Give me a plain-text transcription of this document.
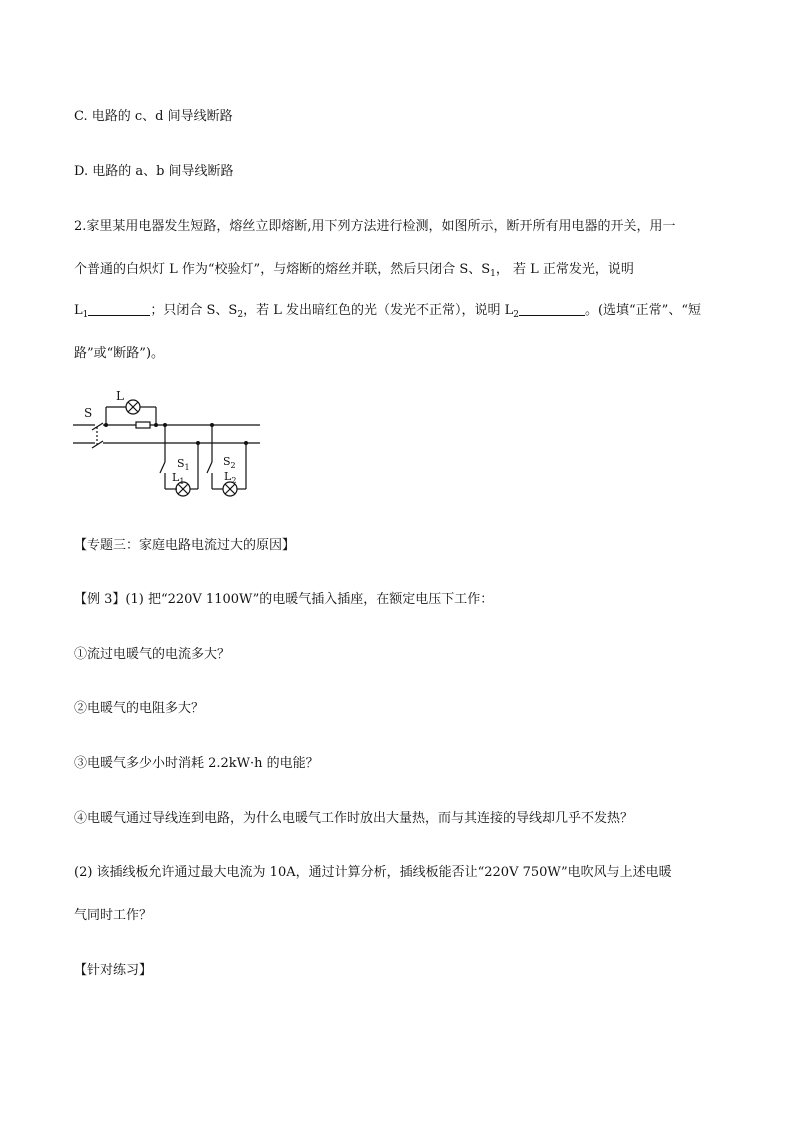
C. 电路的 c、d 间导线断路
D. 电路的 a、b 间导线断路
2.家里某用电器发生短路，熔丝立即熔断,用下列方法进行检测，如图所示，断开所有用电器的开关，用一
个普通的白炽灯 L 作为“校验灯”，与熔断的熔丝并联，然后只闭合 S、$S_1$， 若 L 正常发光，说明
$L_1$	；只闭合 S、$S_2$，若 L 发出暗红色的光（发光不正常），说明 $L_2$	。(选填“正常”、“短
路”或“断路”)。
S
L
$S_1$
$L_1$
$S_2$
$L_2$
【专题三：家庭电路电流过大的原因】
【例 3】(1) 把“220V 1100W”的电暖气插入插座，在额定电压下工作：
①流过电暖气的电流多大？
②电暖气的电阻多大？
③电暖气多少小时消耗 2.2kW·h 的电能？
④电暖气通过导线连到电路，为什么电暖气工作时放出大量热，而与其连接的导线却几乎不发热？
(2) 该插线板允许通过最大电流为 10A，通过计算分析，插线板能否让“220V 750W”电吹风与上述电暖
气同时工作？
【针对练习】
